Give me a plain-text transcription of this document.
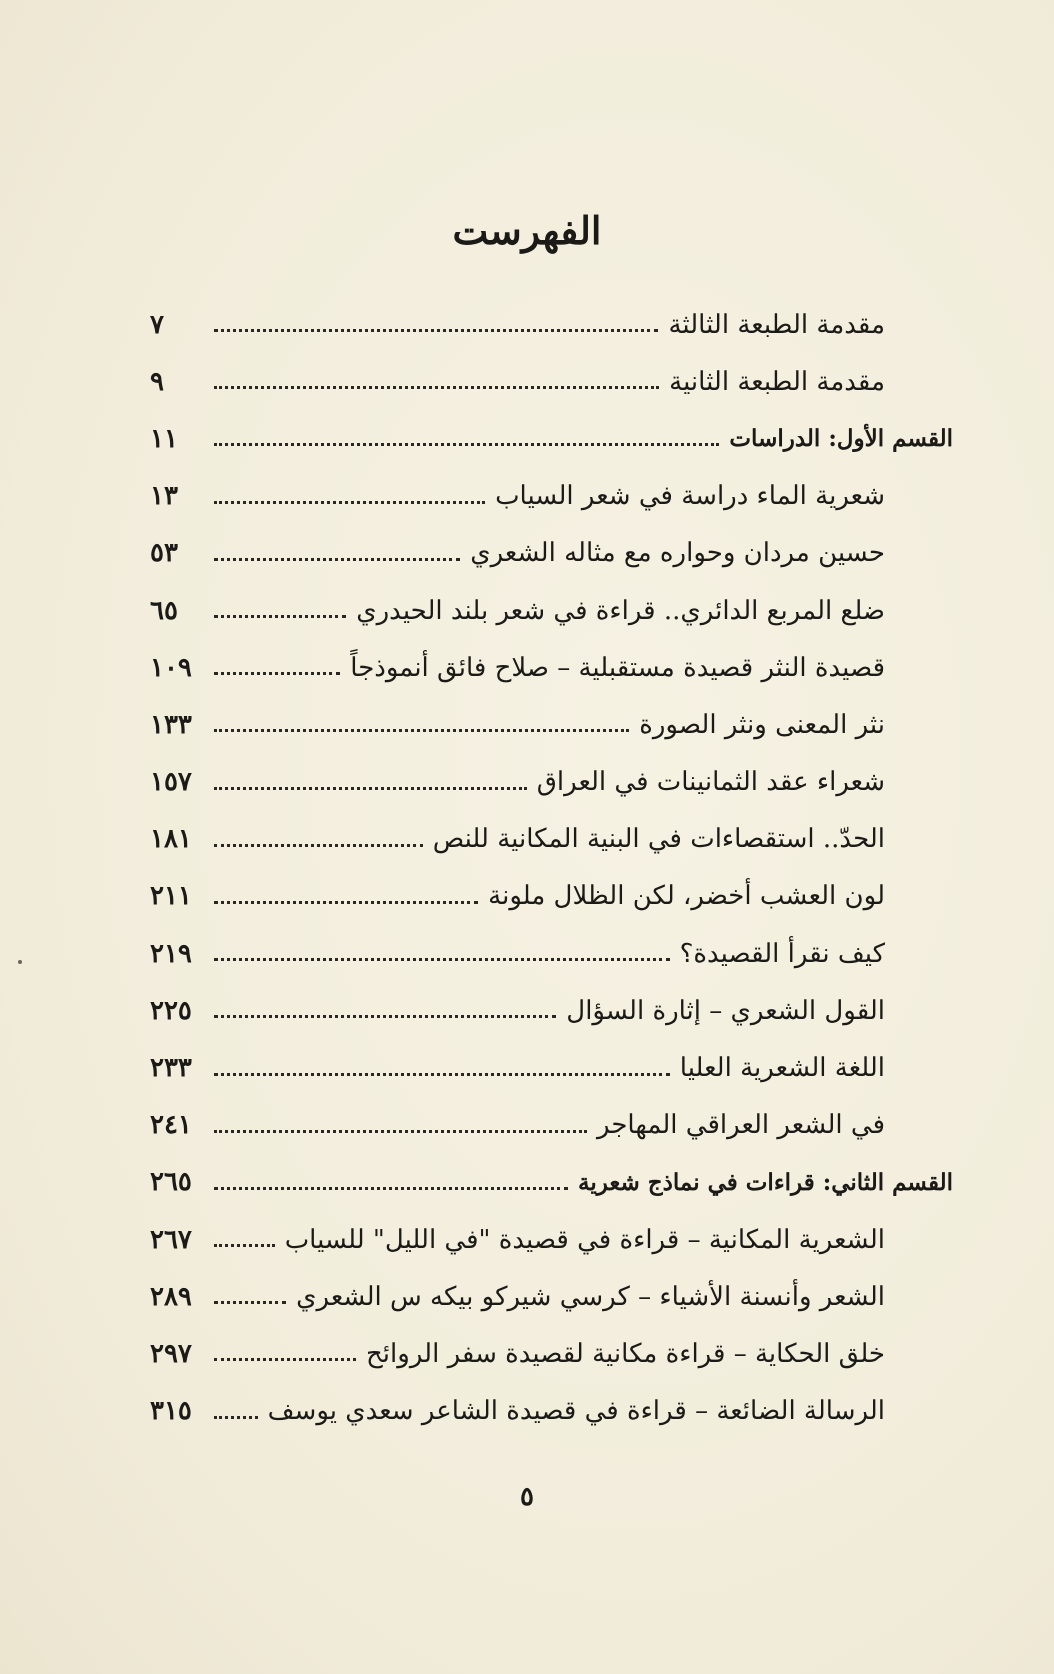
الفهرست
مقدمة الطبعة الثالثة
٧
مقدمة الطبعة الثانية
٩
القسم الأول: الدراسات
١١
شعرية الماء دراسة في شعر السياب
١٣
حسين مردان وحواره مع مثاله الشعري
٥٣
ضلع المربع الدائري.. قراءة في شعر بلند الحيدري
٦٥
قصيدة النثر قصيدة مستقبلية – صلاح فائق أنموذجاً
١٠٩
نثر المعنى ونثر الصورة
١٣٣
شعراء عقد الثمانينات في العراق
١٥٧
الحدّ.. استقصاءات في البنية المكانية للنص
١٨١
لون العشب أخضر، لكن الظلال ملونة
٢١١
كيف نقرأ القصيدة؟
٢١٩
القول الشعري – إثارة السؤال
٢٢٥
اللغة الشعرية العليا
٢٣٣
في الشعر العراقي المهاجر
٢٤١
القسم الثاني: قراءات في نماذج شعرية
٢٦٥
الشعرية المكانية – قراءة في قصيدة "في الليل" للسياب
٢٦٧
الشعر وأنسنة الأشياء – كرسي شيركو بيكه س الشعري
٢٨٩
خلق الحكاية – قراءة مكانية لقصيدة سفر الروائح
٢٩٧
الرسالة الضائعة – قراءة في قصيدة الشاعر سعدي يوسف
٣١٥
٥
